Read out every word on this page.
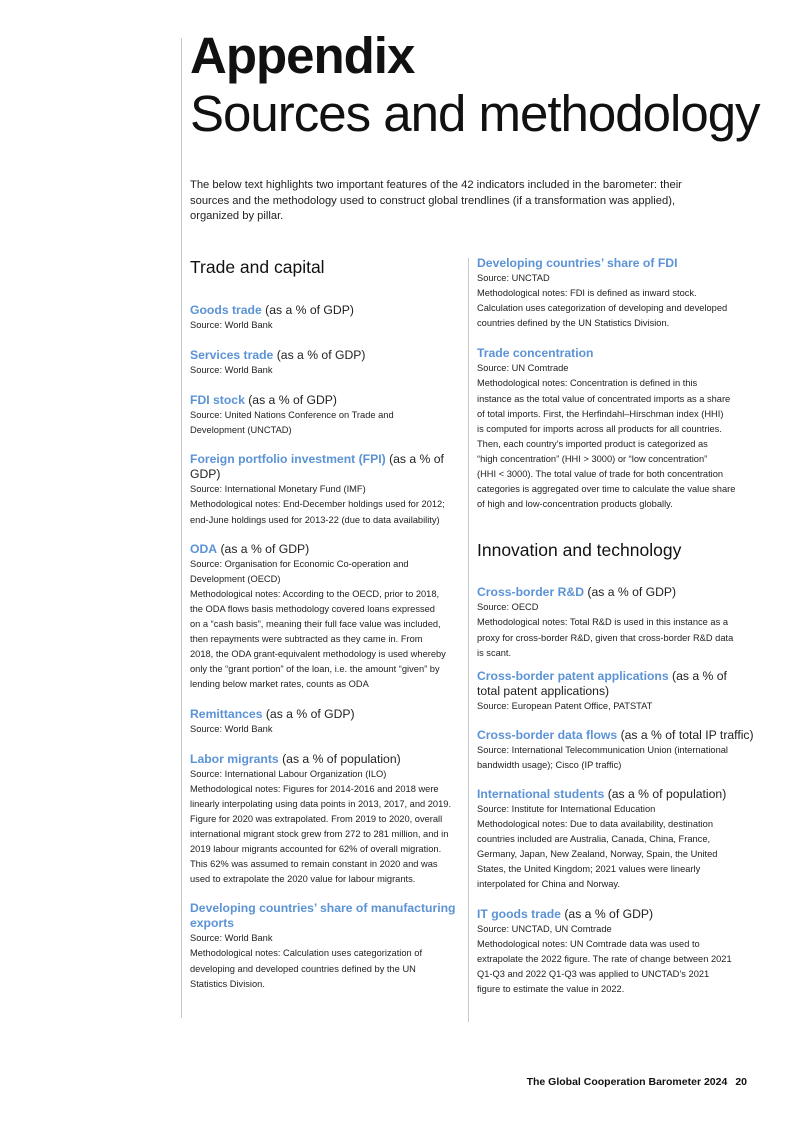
Appendix
Sources and methodology

The below text highlights two important features of the 42 indicators included in the barometer: their sources and the methodology used to construct global trendlines (if a transformation was applied), organized by pillar.

Trade and capital

Goods trade (as a % of GDP)

Source: World Bank

Services trade (as a % of GDP)

Source: World Bank

FDI stock (as a % of GDP)

Source: United Nations Conference on Trade and

Development (UNCTAD)

Foreign portfolio investment (FPI) (as a % of GDP)

Source: International Monetary Fund (IMF)

Methodological notes: End-December holdings used for 2012;

end-June holdings used for 2013-22 (due to data availability)

ODA (as a % of GDP)

Source: Organisation for Economic Co-operation and

Development (OECD)

Methodological notes: According to the OECD, prior to 2018,

the ODA flows basis methodology covered loans expressed

on a “cash basis”, meaning their full face value was included,

then repayments were subtracted as they came in. From

2018, the ODA grant-equivalent methodology is used whereby

only the “grant portion” of the loan, i.e. the amount “given” by

lending below market rates, counts as ODA

Remittances (as a % of GDP)

Source: World Bank

Labor migrants (as a % of population)

Source: International Labour Organization (ILO)

Methodological notes: Figures for 2014-2016 and 2018 were

linearly interpolating using data points in 2013, 2017, and 2019.

Figure for 2020 was extrapolated. From 2019 to 2020, overall

international migrant stock grew from 272 to 281 million, and in

2019 labour migrants accounted for 62% of overall migration.

This 62% was assumed to remain constant in 2020 and was

used to extrapolate the 2020 value for labour migrants.

Developing countries’ share of manufacturing exports

Source: World Bank

Methodological notes: Calculation uses categorization of

developing and developed countries defined by the UN

Statistics Division.

Developing countries’ share of FDI

Source: UNCTAD

Methodological notes: FDI is defined as inward stock.

Calculation uses categorization of developing and developed

countries defined by the UN Statistics Division.

Trade concentration

Source: UN Comtrade

Methodological notes: Concentration is defined in this

instance as the total value of concentrated imports as a share

of total imports. First, the Herfindahl–Hirschman index (HHI)

is computed for imports across all products for all countries.

Then, each country’s imported product is categorized as

“high concentration” (HHI > 3000) or “low concentration”

(HHI < 3000). The total value of trade for both concentration

categories is aggregated over time to calculate the value share

of high and low-concentration products globally.

Innovation and technology

Cross-border R&D (as a % of GDP)

Source: OECD

Methodological notes: Total R&D is used in this instance as a

proxy for cross-border R&D, given that cross-border R&D data

is scant.

Cross-border patent applications (as a % of total patent applications)

Source: European Patent Office, PATSTAT

Cross-border data flows (as a % of total IP traffic)

Source: International Telecommunication Union (international

bandwidth usage); Cisco (IP traffic)

International students (as a % of population)

Source: Institute for International Education

Methodological notes: Due to data availability, destination

countries included are Australia, Canada, China, France,

Germany, Japan, New Zealand, Norway, Spain, the United

States, the United Kingdom; 2021 values were linearly

interpolated for China and Norway.

IT goods trade (as a % of GDP)

Source: UNCTAD, UN Comtrade

Methodological notes: UN Comtrade data was used to

extrapolate the 2022 figure. The rate of change between 2021

Q1-Q3 and 2022 Q1-Q3 was applied to UNCTAD’s 2021

figure to estimate the value in 2022.

The Global Cooperation Barometer 2024 20
